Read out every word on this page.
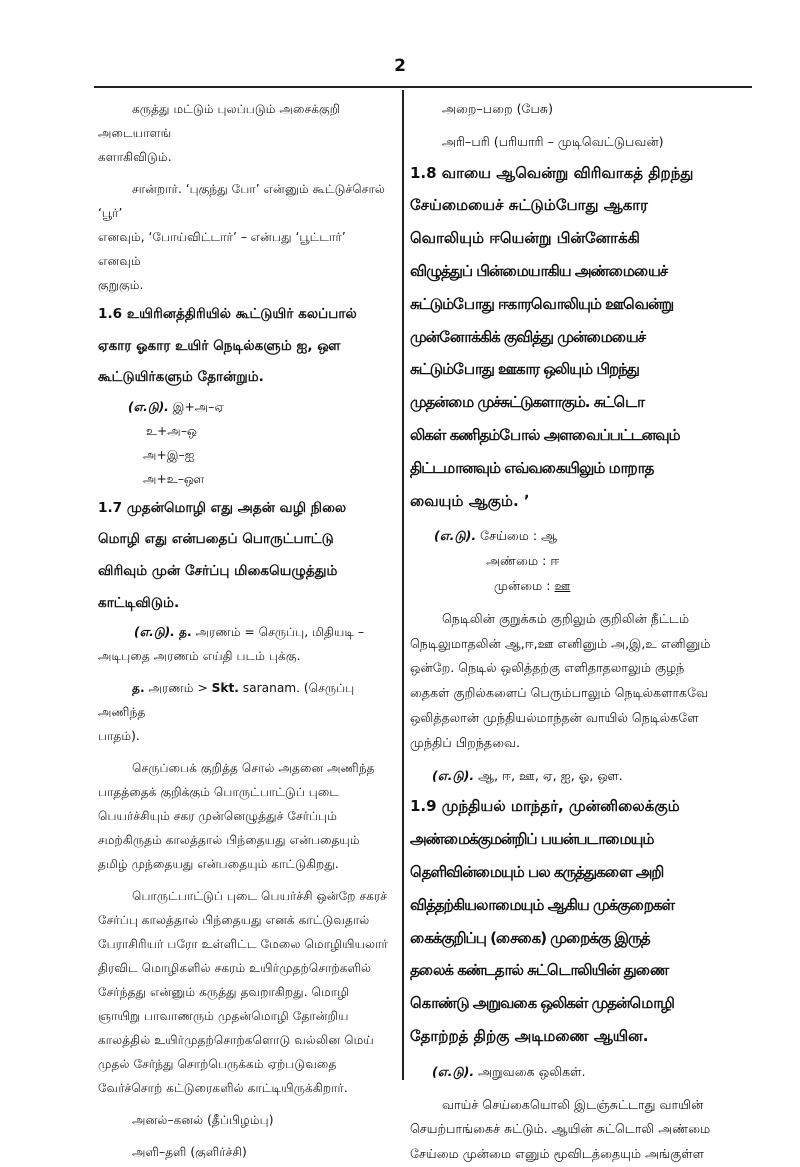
2

கருத்து மட்டும் புலப்படும் அசைக்குறி அடையாளங்

களாகிவிடும்.

சான்றார். ‘புகுந்து போ’ என்னும் கூட்டுச்சொல் ‘பூர்’

எனவும், ‘போய்விட்டார்’ – என்பது ‘பூட்டார்’ எனவும்

குறுகும்.

1.6 உயிரினத்திரியில் கூட்டுயிர் கலப்பால்

ஏகார ஓகார உயிர் நெடில்களும் ஐ, ஔ

கூட்டுயிர்களும் தோன்றும்.

(எ.டு). இ+அ–ஏ

உ+அ–ஒ

அ+இ–ஐ

அ+உ–ஔ

1.7 முதன்மொழி எது அதன் வழி நிலை

மொழி எது என்பதைப் பொருட்பாட்டு

விரிவும் முன் சேர்ப்பு மிகையெழுத்தும்

காட்டிவிடும்.

(எ.டு). த. அரணம் = செருப்பு, மிதியடி –

அடிபுதை அரணம் எய்தி படம் புக்கு.

த. அரணம் > Skt. saranam. (செருப்பு அணிந்த

பாதம்).

செருப்பைக் குறித்த சொல் அதனை அணிந்த

பாதத்தைக் குறிக்கும் பொருட்பாட்டுப் புடை

பெயர்ச்சியும் சகர முன்னெழுத்துச் சேர்ப்பும்

சமற்கிருதம் காலத்தால் பிந்தையது என்பதையும்

தமிழ் முந்தையது என்பதையும் காட்டுகிறது.

பொருட்பாட்டுப் புடை பெயர்ச்சி ஒன்றே சகரச்

சேர்ப்பு காலத்தால் பிந்தையது எனக் காட்டுவதால்

பேராசிரியர் பரோ உள்ளிட்ட மேலை மொழியியலார்

திரவிட மொழிகளில் சகரம் உயிர்முதற்சொற்களில்

சேர்ந்தது என்னும் கருத்து தவறாகிறது. மொழி

ஞாயிறு பாவாணரும் முதன்மொழி தோன்றிய

காலத்தில் உயிர்முதற்சொற்களொடு வல்லின மெய்

முதல் சேர்ந்து சொற்பெருக்கம் ஏற்படுவதை

வேர்ச்சொற் கட்டுரைகளில் காட்டியிருக்கிறார்.

அனல்–கனல் (தீப்பிழம்பு)

அளி–தளி (குளிர்ச்சி)

அறை–பறை (பேசு)

அரி–பரி (பரியாரி – முடிவெட்டுபவன்)

1.8 வாயை ஆவென்று விரிவாகத் திறந்து

சேய்மையைச் சுட்டும்போது ஆகார

வொலியும் ஈயென்று பின்னோக்கி

விழுத்துப் பின்மையாகிய அண்மையைச்

சுட்டும்போது ஈகாரவொலியும் ஊவென்று

முன்னோக்கிக் குவித்து முன்மையைச்

சுட்டும்போது ஊகார ஒலியும் பிறந்து

முதன்மை முச்சுட்டுகளாகும். சுட்டொ

லிகள் கணிதம்போல் அளவைப்பட்டனவும்

திட்டமானவும் எவ்வகையிலும் மாறாத

வையும் ஆகும். ʼ

(எ.டு). சேய்மை : ஆ

அண்மை : ஈ

முன்மை : ஊ

நெடிலின் குறுக்கம் குறிலும் குறிலின் நீட்டம்

நெடிலுமாதலின் ஆ,ஈ,ஊ எனினும் அ,இ,உ எனினும்

ஒன்றே. நெடில் ஒலித்தற்கு எளிதாதலாலும் குழந்

தைகள் குறில்களைப் பெரும்பாலும் நெடில்களாகவே

ஒலித்தலான் முந்தியல்மாந்தன் வாயில் நெடில்களே

முந்திப் பிறந்தவை.

(எ.டு). ஆ, ஈ, ஊ, ஏ, ஐ, ஓ, ஔ.

1.9 முந்தியல் மாந்தர், முன்னிலைக்கும்

அண்மைக்குமன்றிப் பயன்படாமையும்

தெளிவின்மையும் பல கருத்துகளை அறி

வித்தற்கியலாமையும் ஆகிய முக்குறைகள்

கைக்குறிப்பு (சைகை) முறைக்கு இருத்

தலைக் கண்டதால் சுட்டொலியின் துணை

கொண்டு அறுவகை ஒலிகள் முதன்மொழி

தோற்றத் திற்கு அடிமணை ஆயின.

(எ.டு). அறுவகை ஒலிகள்.

வாய்ச் செய்கையொலி இடஞ்சுட்டாது வாயின்

செயற்பாங்கைச் சுட்டும். ஆயின் சுட்டொலி அண்மை

சேய்மை முன்மை எனும் மூவிடத்தையும் அங்குள்ள
